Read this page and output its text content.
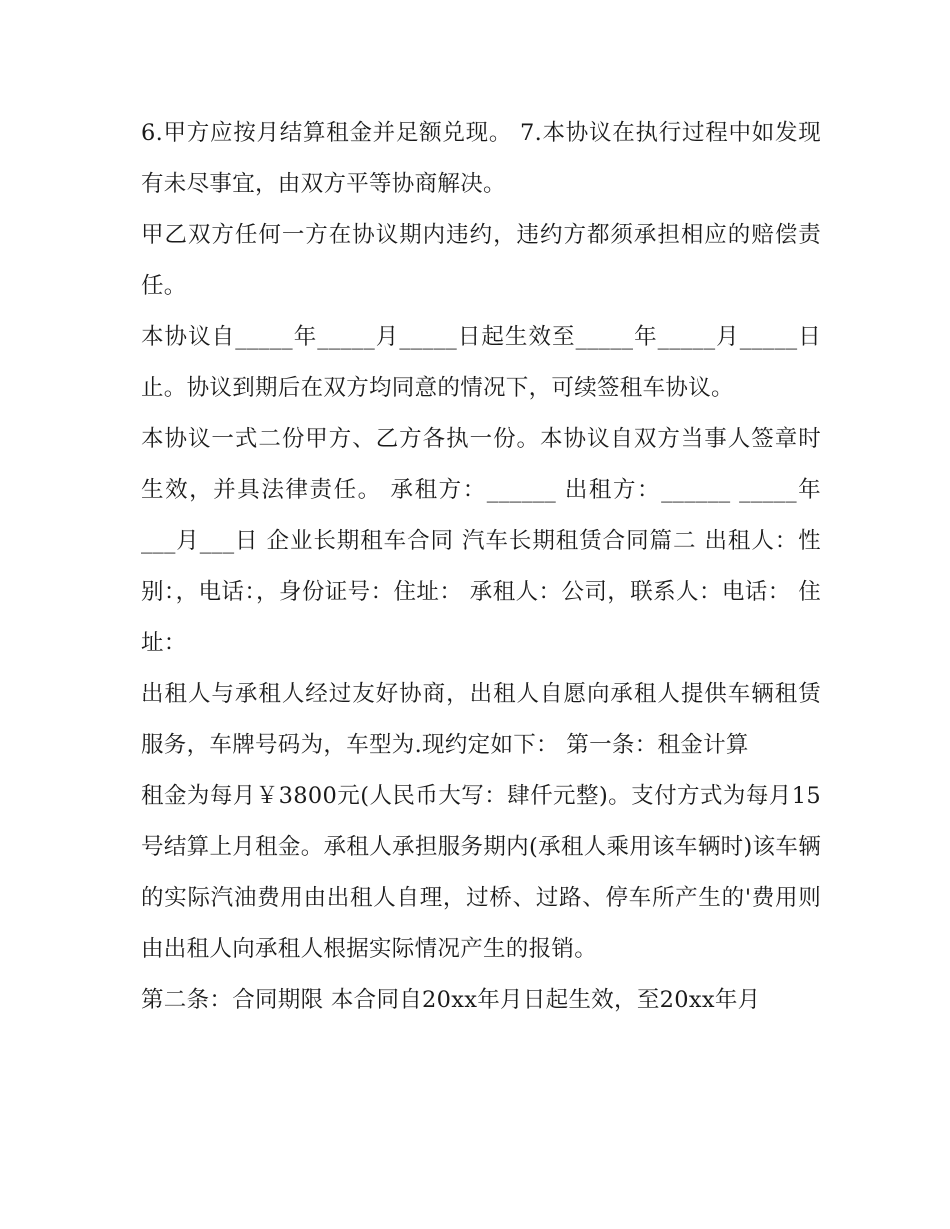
6.甲方应按月结算租金并足额兑现。 7.本协议在执行过程中如发现有未尽事宜，由双方平等协商解决。

甲乙双方任何一方在协议期内违约，违约方都须承担相应的赔偿责任。

本协议自_____年_____月_____日起生效至_____年_____月_____日止。协议到期后在双方均同意的情况下，可续签租车协议。

本协议一式二份甲方、乙方各执一份。本协议自双方当事人签章时生效，并具法律责任。 承租方：______ 出租方：______ _____年___月___日 企业长期租车合同 汽车长期租赁合同篇二 出租人：性别：，电话：，身份证号：住址： 承租人：公司，联系人：电话： 住址：

出租人与承租人经过友好协商，出租人自愿向承租人提供车辆租赁服务，车牌号码为，车型为.现约定如下： 第一条：租金计算

租金为每月￥3800元(人民币大写：肆仟元整)。支付方式为每月15号结算上月租金。承租人承担服务期内(承租人乘用该车辆时)该车辆的实际汽油费用由出租人自理，过桥、过路、停车所产生的'费用则由出租人向承租人根据实际情况产生的报销。

第二条：合同期限 本合同自20xx年月日起生效，至20xx年月
